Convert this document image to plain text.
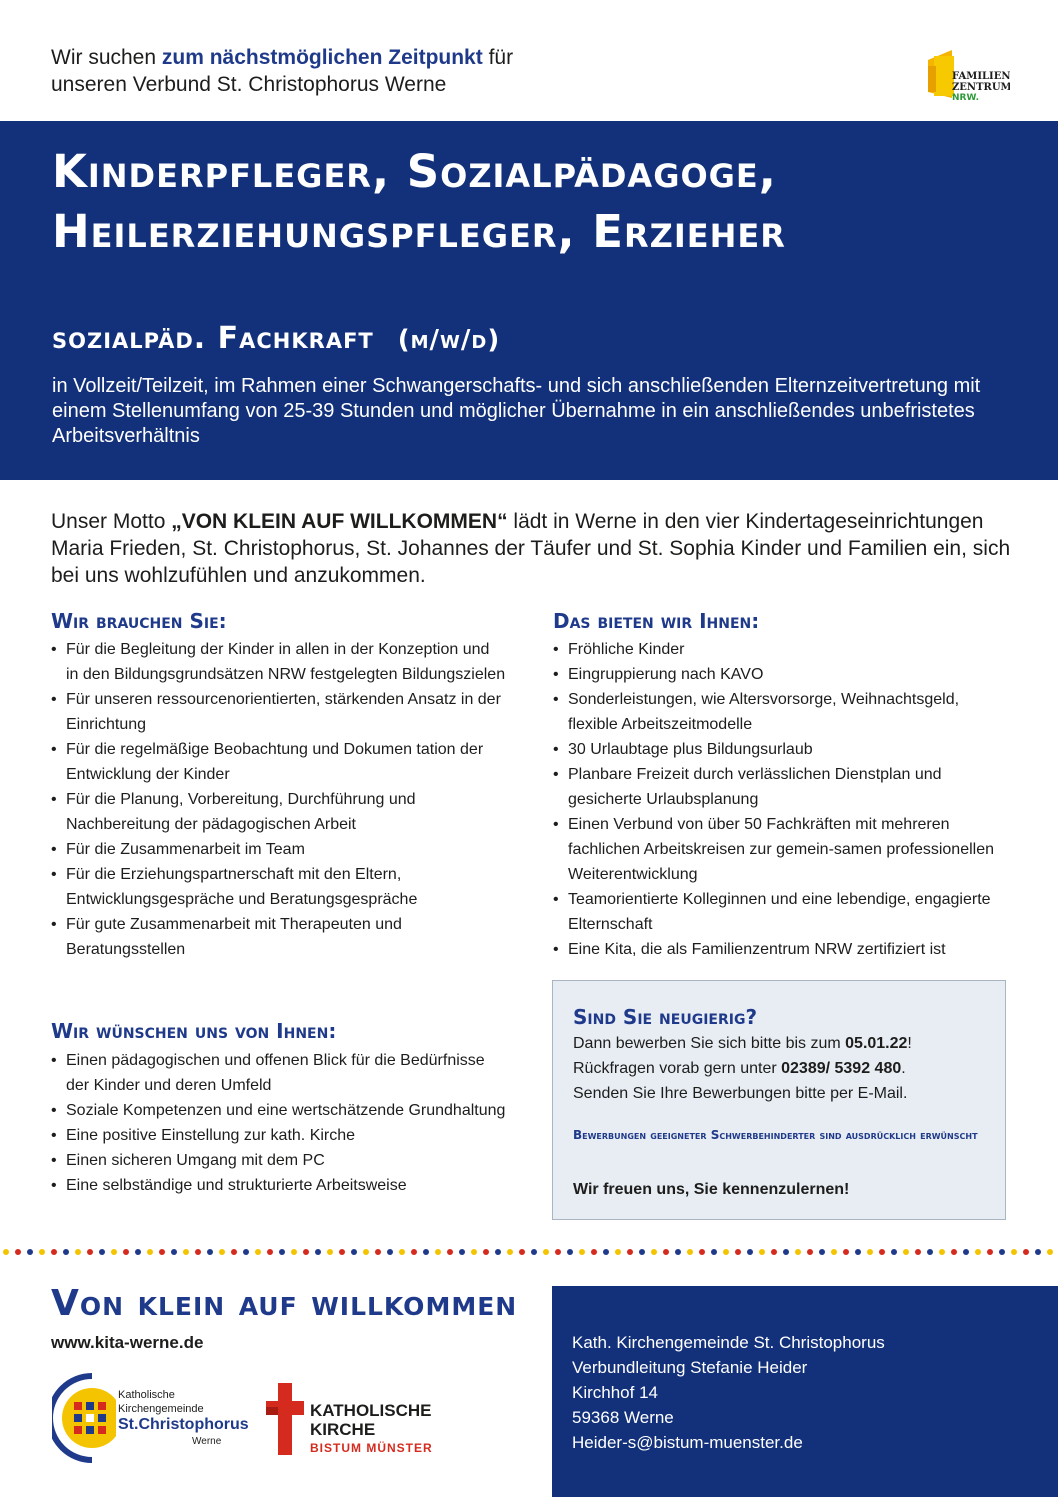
Wir suchen zum nächstmöglichen Zeitpunkt für
unseren Verbund St. Christophorus Werne	FAMILIEN
ZENTRUM
NRW.
Kinderpfleger, Sozialpädagoge,
Heilerziehungspfleger, Erzieher
sozialpäd. Fachkraft (m/w/d)
in Vollzeit/Teilzeit, im Rahmen einer Schwangerschafts- und sich anschließenden Elternzeitvertretung mit einem Stellenumfang von 25-39 Stunden und möglicher Übernahme in ein anschließendes unbefristetes Arbeitsverhältnis
Unser Motto „VON KLEIN AUF WILLKOMMEN“ lädt in Werne in den vier Kindertageseinrichtungen Maria Frieden, St. Christophorus, St. Johannes der Täufer und St. Sophia Kinder und Familien ein, sich bei uns wohlzufühlen und anzukommen.
Wir brauchen Sie:
• Für die Begleitung der Kinder in allen in der Konzeption und in den Bildungsgrundsätzen NRW festgelegten Bildungszielen
• Für unseren ressourcenorientierten, stärkenden Ansatz in der Einrichtung
• Für die regelmäßige Beobachtung und Dokumen tation der Entwicklung der Kinder
• Für die Planung, Vorbereitung, Durchführung und Nachbereitung der pädagogischen Arbeit
• Für die Zusammenarbeit im Team
• Für die Erziehungspartnerschaft mit den Eltern, Entwicklungsgespräche und Beratungsgespräche
• Für gute Zusammenarbeit mit Therapeuten und Beratungsstellen
Wir wünschen uns von Ihnen:
• Einen pädagogischen und offenen Blick für die Bedürfnisse der Kinder und deren Umfeld
• Soziale Kompetenzen und eine wertschätzende Grundhaltung
• Eine positive Einstellung zur kath. Kirche
• Einen sicheren Umgang mit dem PC
• Eine selbständige und strukturierte Arbeitsweise
Das bieten wir Ihnen:
• Fröhliche Kinder
• Eingruppierung nach KAVO
• Sonderleistungen, wie Altersvorsorge, Weihnachtsgeld, flexible Arbeitszeitmodelle
• 30 Urlaubtage plus Bildungsurlaub
• Planbare Freizeit durch verlässlichen Dienstplan und gesicherte Urlaubsplanung
• Einen Verbund von über 50 Fachkräften mit mehreren fachlichen Arbeitskreisen zur gemein-samen professionellen Weiterentwicklung
• Teamorientierte Kolleginnen und eine lebendige, engagierte Elternschaft
• Eine Kita, die als Familienzentrum NRW zertifiziert ist
Sind Sie neugierig?
Dann bewerben Sie sich bitte bis zum 05.01.22!
Rückfragen vorab gern unter 02389/ 5392 480.
Senden Sie Ihre Bewerbungen bitte per E-Mail.
Bewerbungen geeigneter Schwerbehinderter sind ausdrücklich erwünscht
Wir freuen uns, Sie kennenzulernen!
Von klein auf willkommen
www.kita-werne.de
Katholische
Kirchengemeinde
St.Christophorus
Werne
KATHOLISCHE
KIRCHE
BISTUM MÜNSTER
Kath. Kirchengemeinde St. Christophorus
Verbundleitung Stefanie Heider
Kirchhof 14
59368 Werne
Heider-s@bistum-muenster.de
